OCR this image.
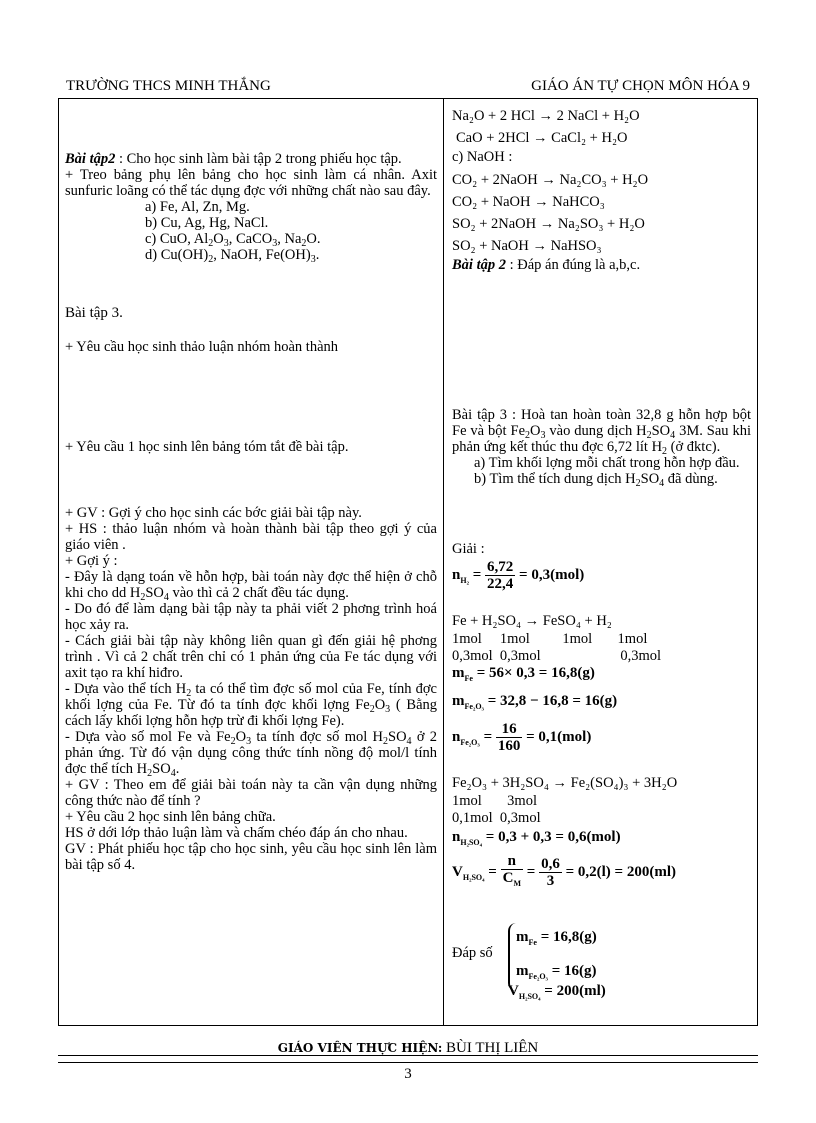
TRƯỜNG THCS MINH THẮNG	GIÁO ÁN TỰ CHỌN MÔN HÓA 9
Bài tập2 : Cho học sinh làm bài tập 2 trong phiếu học tập.
+ Treo bảng phụ lên bảng cho học sinh làm cá nhân. Axit sunfuric loãng có thể tác dụng đợc với những chất nào sau đây.
a) Fe, Al, Zn, Mg.
b) Cu, Ag, Hg, NaCl.
c) CuO, $Al_2O_3$, CaCO$_3$, $Na_2O$.
d) $Cu(OH)_2$, NaOH, $Fe(OH)_3$.
Bài tập 3.
+ Yêu cầu học sinh thảo luận nhóm hoàn thành
+ Yêu cầu 1 học sinh lên bảng tóm tắt đề bài tập.
+ GV : Gợi ý cho học sinh các bớc giải bài tập này.
+ HS : thảo luận nhóm và hoàn thành bài tập theo gợi ý của giáo viên .
+ Gợi ý :
- Đây là dạng toán về hỗn hợp, bài toán này đợc thể hiện ở chỗ khi cho dd $H_2SO_4$ vào thì cả 2 chất đều tác dụng.
- Do đó để làm dạng bài tập này ta phải viết 2 phơng trình hoá học xảy ra.
- Cách giải bài tập này không liên quan gì đến giải hệ phơng trình . Vì cả 2 chất trên chỉ có 1 phản ứng của Fe tác dụng với axit tạo ra khí hiđro.
- Dựa vào thể tích $H_2$ ta có thể tìm đợc số mol của Fe, tính đợc khối lợng của Fe. Từ đó ta tính đợc khối lợng $Fe_2O_3$ ( Bằng cách lấy khối lợng hỗn hợp trừ đi khối lợng Fe).
- Dựa vào số mol Fe và $Fe_2O_3$ ta tính đợc số mol $H_2SO_4$ ở 2 phản ứng. Từ đó vận dụng công thức tính nồng độ mol/l tính đợc thể tích $H_2SO_4$.
+ GV : Theo em để giải bài toán này ta cần vận dụng những công thức nào để tính ?
+ Yêu cầu 2 học sinh lên bảng chữa.
HS ở dới lớp thảo luận làm và chấm chéo đáp án cho nhau.
GV : Phát phiếu học tập cho học sinh, yêu cầu học sinh lên làm bài tập số 4.

Na₂O + 2 HCl → 2 NaCl + H₂O
CaO + 2HCl → CaCl₂ + H₂O
c) NaOH :
CO₂ + 2NaOH → Na₂CO₃ + H₂O
CO₂ + NaOH → NaHCO₃
SO₂ + 2NaOH → Na₂SO₃ + H₂O
SO₂ + NaOH → NaHSO₃
Bài tập 2 : Đáp án đúng là a,b,c.
Bài tập 3 : Hoà tan hoàn toàn 32,8 g hỗn hợp bột Fe và bột $Fe_2O_3$ vào dung dịch $H_2SO_4$ 3M. Sau khi phản ứng kết thúc thu đợc 6,72 lít $H_2$ (ở đktc).
a) Tìm khối lợng mỗi chất trong hỗn hợp đầu.
b) Tìm thể tích dung dịch $H_2SO_4$ đã dùng.
Giải :
$n_{H_2} = \frac{6,72}{22,4} = 0,3(mol)$
Fe + H₂SO₄ → FeSO₄ + H₂
1mol     1mol         1mol       1mol
0,3mol  0,3mol                      0,3mol
$m_{Fe} = 56\times 0,3 = 16,8(g)$
$m_{Fe_2O_3} = 32,8 - 16,8 = 16(g)$
$n_{Fe_2O_3} = \frac{16}{160} = 0,1(mol)$
Fe₂O₃ + 3H₂SO₄ → Fe₂(SO₄)₃ + 3H₂O
1mol       3mol
0,1mol  0,3mol
$n_{H_2SO_4} = 0,3 + 0,3 = 0,6(mol)$
$V_{H_2SO_4} = \frac{n}{C_M} = \frac{0,6}{3} = 0,2(l) = 200(ml)$
Đáp số
$m_{Fe} = 16,8(g)$
$m_{Fe_2O_3} = 16(g)$
$V_{H_2SO_4} = 200(ml)$
GIÁO VIÊN THỰC HIỆN: BÙI THỊ LIÊN
3
